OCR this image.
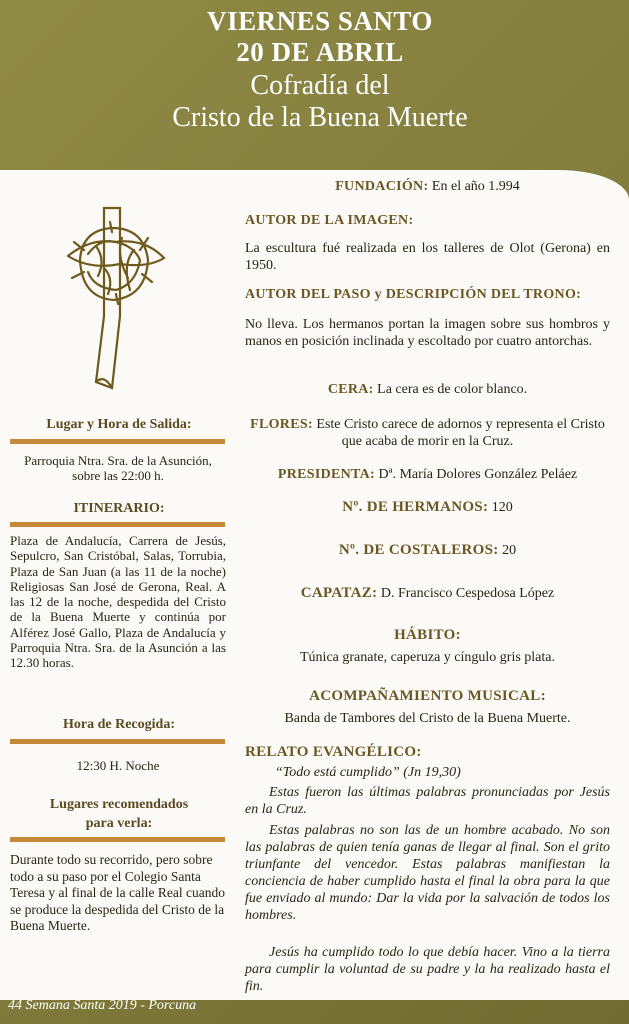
VIERNES SANTO
20 DE ABRIL
Cofradía del
Cristo de la Buena Muerte
Lugar y Hora de Salida:
Parroquia Ntra. Sra. de la Asunción, sobre las 22:00 h.
ITINERARIO:
Plaza de Andalucía, Carrera de Jesús, Sepulcro, San Cristóbal, Salas, Torrubia, Plaza de San Juan (a las 11 de la noche) Religiosas San José de Gerona, Real. A las 12 de la noche, despedida del Cristo de la Buena Muerte y continúa por Alférez José Gallo, Plaza de Andalucía y Parroquia Ntra. Sra. de la Asunción a las 12.30 horas.
Hora de Recogida:
12:30 H. Noche
Lugares recomendados
para verla:
Durante todo su recorrido, pero sobre todo a su paso por el Colegio Santa Teresa y al final de la calle Real cuando se produce la despedida del Cristo de la Buena Muerte.
FUNDACIÓN: En el año 1.994
AUTOR DE LA IMAGEN:
La escultura fué realizada en los talleres de Olot (Gerona) en 1950.
AUTOR DEL PASO y DESCRIPCIÓN DEL TRONO:
No lleva. Los hermanos portan la imagen sobre sus hombros y manos en posición inclinada y escoltado por cuatro antorchas.
CERA: La cera es de color blanco.
FLORES: Este Cristo carece de adornos y representa el Cristo que acaba de morir en la Cruz.
PRESIDENTA: Dª. María Dolores González Peláez
Nº. DE HERMANOS: 120
Nº. DE COSTALEROS: 20
CAPATAZ: D. Francisco Cespedosa López
HÁBITO:
Túnica granate, caperuza y cíngulo gris plata.
ACOMPAÑAMIENTO MUSICAL:
Banda de Tambores del Cristo de la Buena Muerte.
RELATO EVANGÉLICO:
“Todo está cumplido” (Jn 19,30)
Estas fueron las últimas palabras pronunciadas por Jesús en la Cruz.
Estas palabras no son las de un hombre acabado. No son las palabras de quien tenía ganas de llegar al final. Son el grito triunfante del vencedor. Estas palabras manifiestan la conciencia de haber cumplido hasta el final la obra para la que fue enviado al mundo: Dar la vida por la salvación de todos los hombres.
Jesús ha cumplido todo lo que debía hacer. Vino a la tierra para cumplir la voluntad de su padre y la ha realizado hasta el fin.
44 Semana Santa 2019 - Porcuna
